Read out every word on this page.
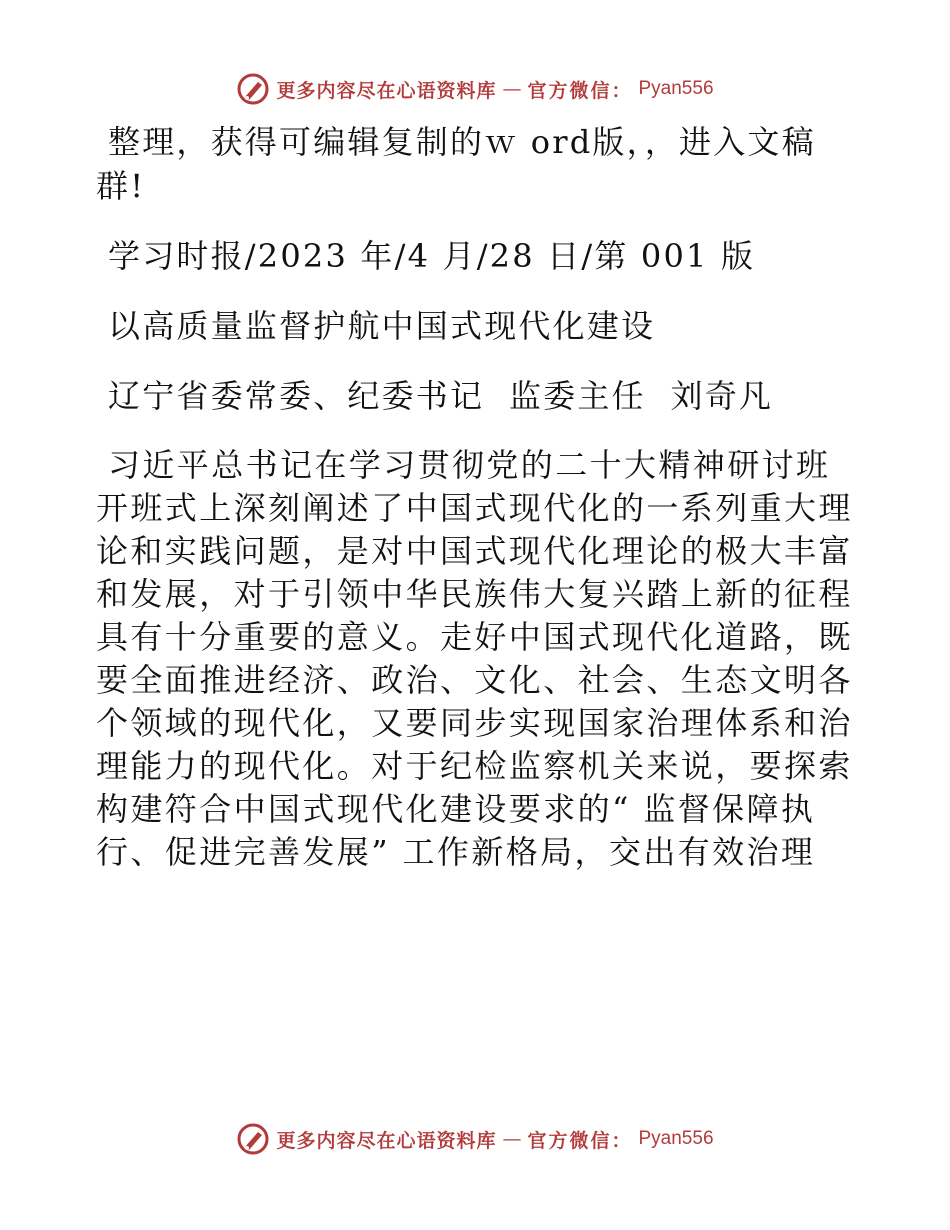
更多内容尽在心语资料库 — 官方微信： Pyan556

整理，获得可编辑复制的ｗ ord版，，进入文稿群!

学习时报/2023 年/4 月/28 日/第 001 版

以高质量监督护航中国式现代化建设

辽宁省委常委、纪委书记  监委主任  刘奇凡

习近平总书记在学习贯彻党的二十大精神研讨班开班式上深刻阐述了中国式现代化的一系列重大理论和实践问题，是对中国式现代化理论的极大丰富和发展，对于引领中华民族伟大复兴踏上新的征程具有十分重要的意义。走好中国式现代化道路，既要全面推进经济、政治、文化、社会、生态文明各个领域的现代化，又要同步实现国家治理体系和治理能力的现代化。对于纪检监察机关来说，要探索构建符合中国式现代化建设要求的“ 监督保障执行、促进完善发展” 工作新格局，交出有效治理

更多内容尽在心语资料库 — 官方微信： Pyan556
